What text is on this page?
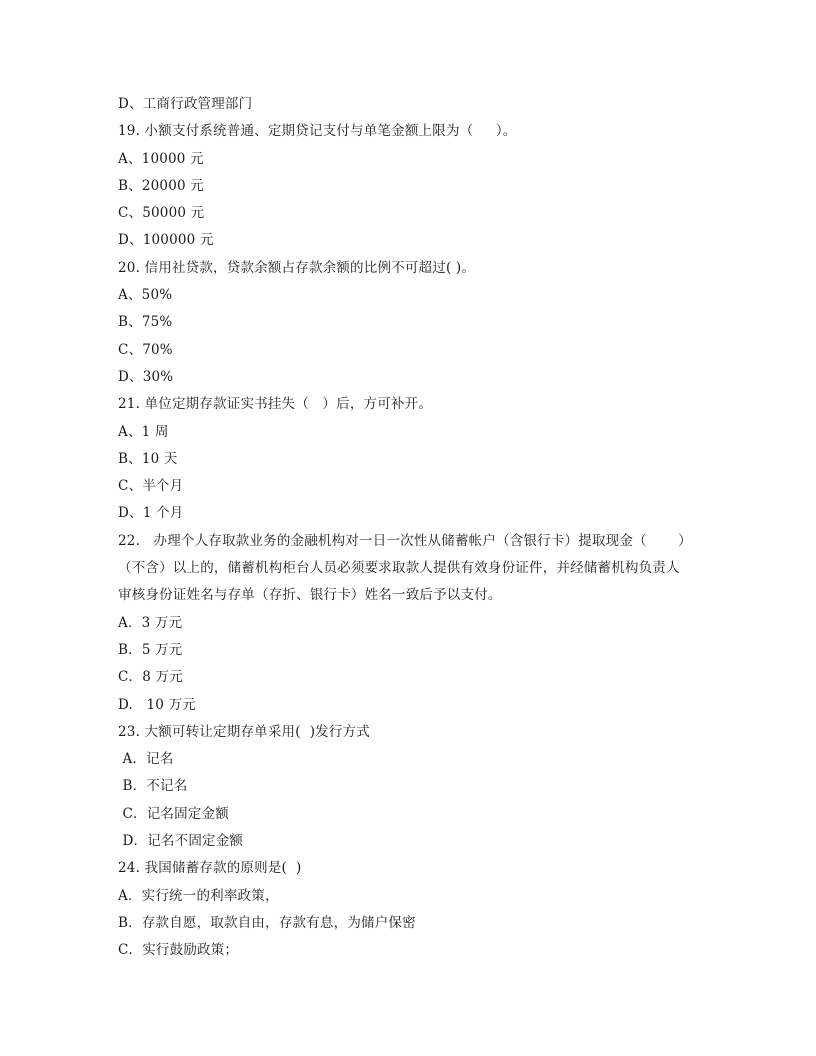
D、工商行政管理部门
19. 小额支付系统普通、定期贷记支付与单笔金额上限为（     ）。
A、10000 元
B、20000 元
C、50000 元
D、100000 元
20. 信用社贷款，贷款余额占存款余额的比例不可超过( )。
A、50%
B、75%
C、70%
D、30%
21. 单位定期存款证实书挂失（   ）后，方可补开。
A、1 周
B、10 天
C、半个月
D、1 个月
22.   办理个人存取款业务的金融机构对一日一次性从储蓄帐户（含银行卡）提取现金（       ）
（不含）以上的，储蓄机构柜台人员必须要求取款人提供有效身份证件，并经储蓄机构负责人
审核身份证姓名与存单（存折、银行卡）姓名一致后予以支付。
A．3 万元
B．5 万元
C．8 万元
D.   10 万元
23. 大额可转让定期存单采用(  )发行方式
A．记名
B．不记名
C．记名固定金额
D．记名不固定金额
24. 我国储蓄存款的原则是(  )
A．实行统一的利率政策，
B．存款自愿，取款自由，存款有息，为储户保密
C．实行鼓励政策；
